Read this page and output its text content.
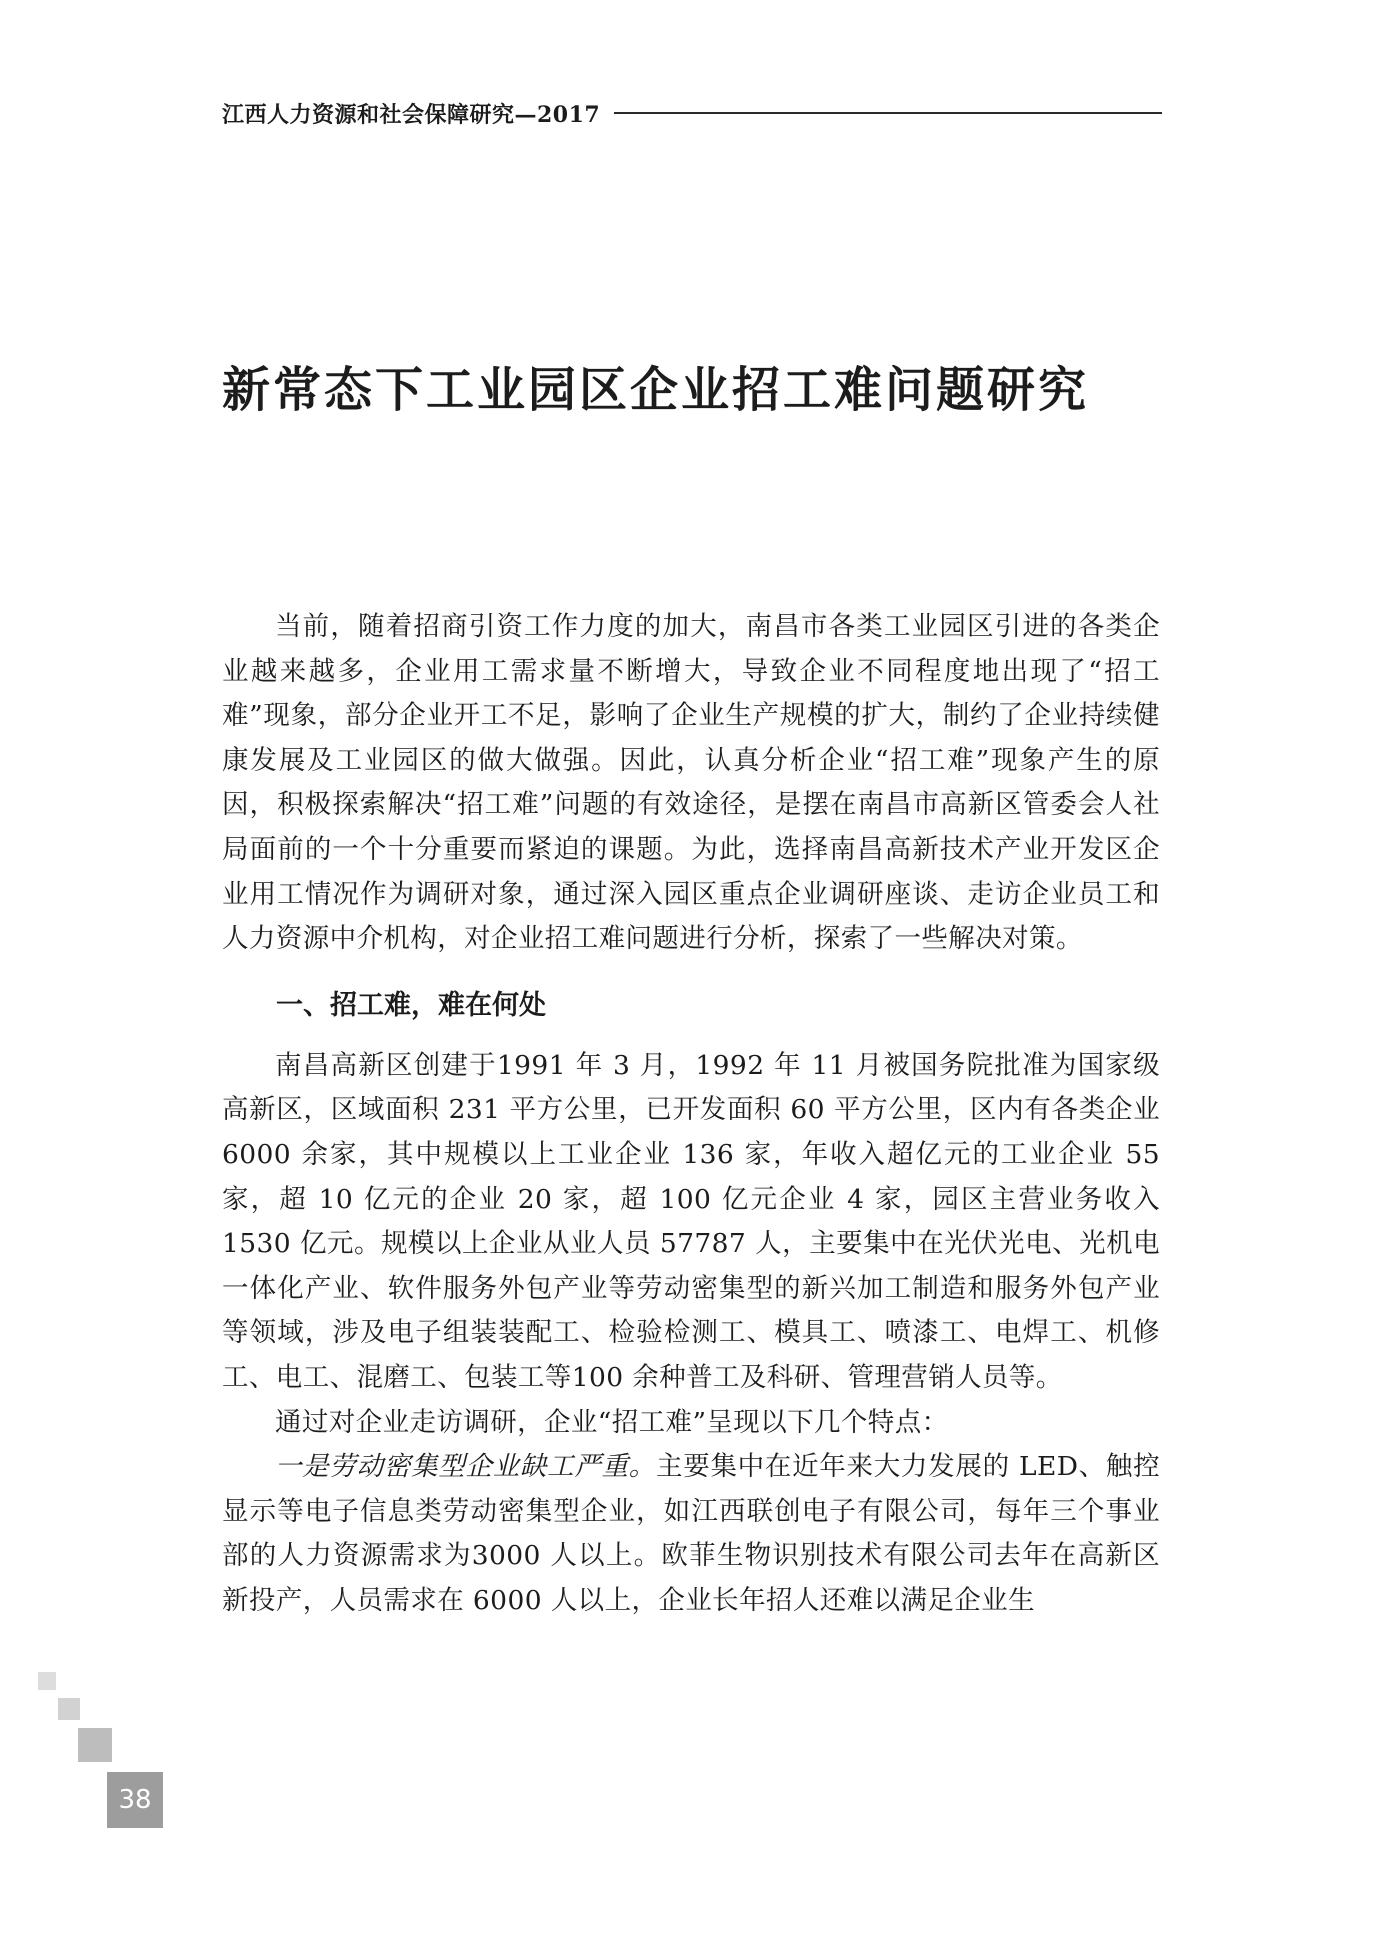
江西人力资源和社会保障研究—2017
新常态下工业园区企业招工难问题研究

当前，随着招商引资工作力度的加大，南昌市各类工业园区引进的各类企业越来越多，企业用工需求量不断增大，导致企业不同程度地出现了“招工难”现象，部分企业开工不足，影响了企业生产规模的扩大，制约了企业持续健康发展及工业园区的做大做强。因此，认真分析企业“招工难”现象产生的原因，积极探索解决“招工难”问题的有效途径，是摆在南昌市高新区管委会人社局面前的一个十分重要而紧迫的课题。为此，选择南昌高新技术产业开发区企业用工情况作为调研对象，通过深入园区重点企业调研座谈、走访企业员工和人力资源中介机构，对企业招工难问题进行分析，探索了一些解决对策。

一、招工难，难在何处

南昌高新区创建于1991 年 3 月，1992 年 11 月被国务院批准为国家级高新区，区域面积 231 平方公里，已开发面积 60 平方公里，区内有各类企业 6000 余家，其中规模以上工业企业 136 家，年收入超亿元的工业企业 55 家，超 10 亿元的企业 20 家，超 100 亿元企业 4 家，园区主营业务收入 1530 亿元。规模以上企业从业人员 57787 人，主要集中在光伏光电、光机电一体化产业、软件服务外包产业等劳动密集型的新兴加工制造和服务外包产业等领域，涉及电子组装装配工、检验检测工、模具工、喷漆工、电焊工、机修工、电工、混磨工、包装工等100 余种普工及科研、管理营销人员等。

通过对企业走访调研，企业“招工难”呈现以下几个特点：

一是劳动密集型企业缺工严重。主要集中在近年来大力发展的 LED、触控显示等电子信息类劳动密集型企业，如江西联创电子有限公司，每年三个事业部的人力资源需求为3000 人以上。欧菲生物识别技术有限公司去年在高新区新投产，人员需求在 6000 人以上，企业长年招人还难以满足企业生

38
